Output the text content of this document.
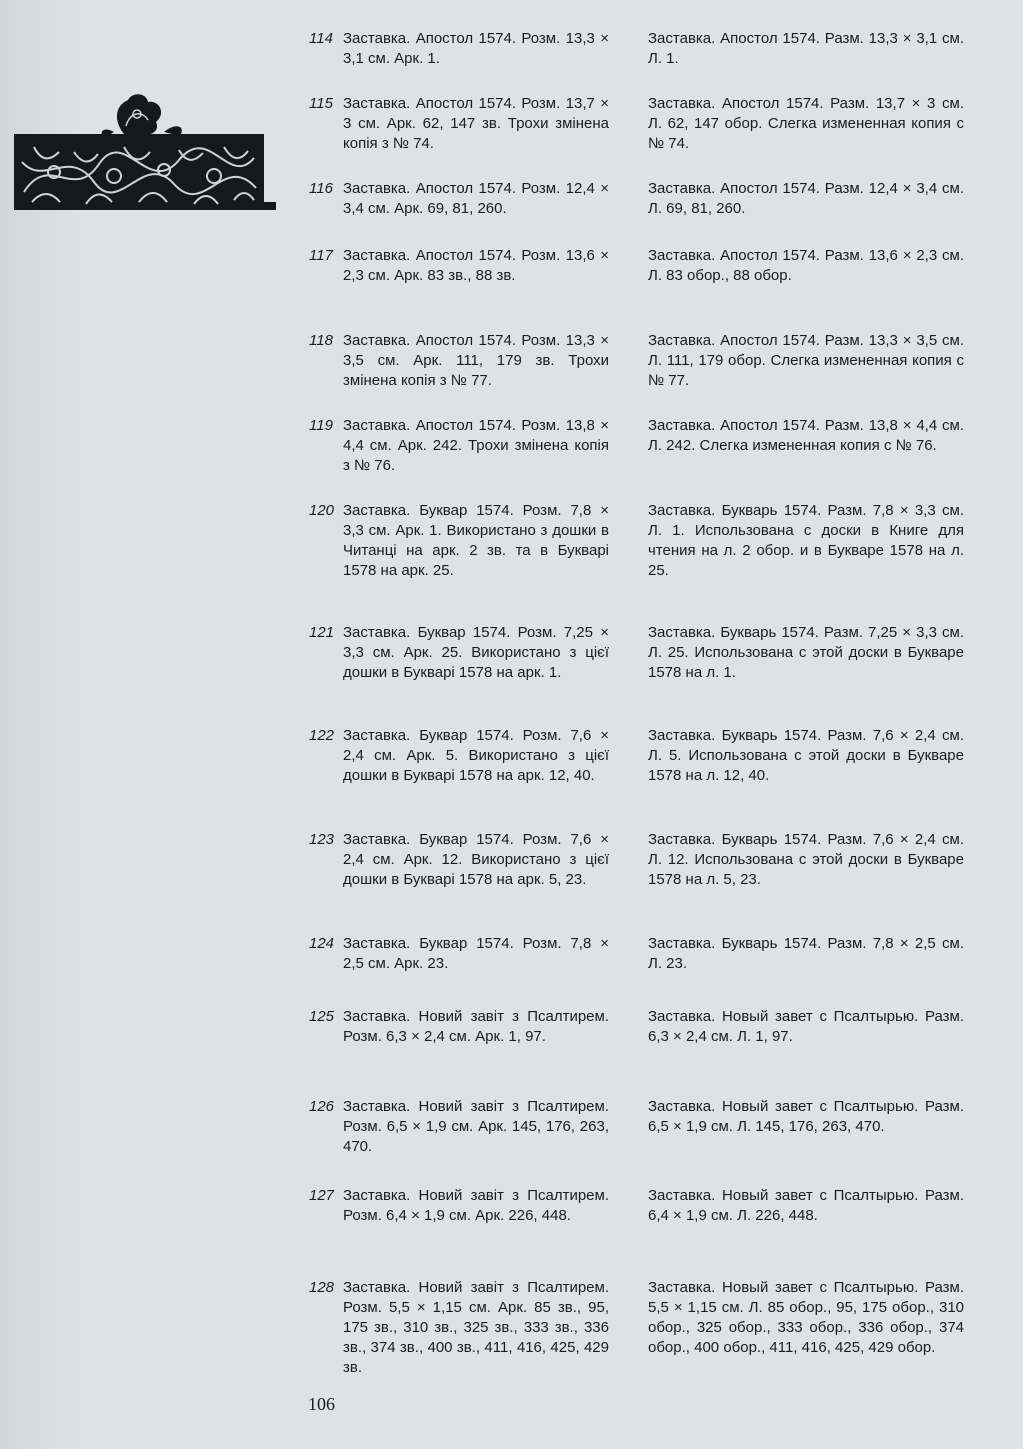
114 Заставка. Апостол 1574. Розм. 13,3 × 3,1 см. Арк. 1.
Заставка. Апостол 1574. Разм. 13,3 × 3,1 см. Л. 1.
115 Заставка. Апостол 1574. Розм. 13,7 × 3 см. Арк. 62, 147 зв. Трохи змінена копія з № 74.
Заставка. Апостол 1574. Разм. 13,7 × 3 см. Л. 62, 147 обор. Слегка измененная копия с № 74.
116 Заставка. Апостол 1574. Розм. 12,4 × 3,4 см. Арк. 69, 81, 260.
Заставка. Апостол 1574. Разм. 12,4 × 3,4 см. Л. 69, 81, 260.
117 Заставка. Апостол 1574. Розм. 13,6 × 2,3 см. Арк. 83 зв., 88 зв.
Заставка. Апостол 1574. Разм. 13,6 × 2,3 см. Л. 83 обор., 88 обор.
118 Заставка. Апостол 1574. Розм. 13,3 × 3,5 см. Арк. 111, 179 зв. Трохи змінена копія з № 77.
Заставка. Апостол 1574. Разм. 13,3 × 3,5 см. Л. 111, 179 обор. Слегка измененная копия с № 77.
119 Заставка. Апостол 1574. Розм. 13,8 × 4,4 см. Арк. 242. Трохи змінена копія з № 76.
Заставка. Апостол 1574. Разм. 13,8 × 4,4 см. Л. 242. Слегка измененная копия с № 76.
120 Заставка. Буквар 1574. Розм. 7,8 × 3,3 см. Арк. 1. Використано з дошки в Читанці на арк. 2 зв. та в Букварі 1578 на арк. 25.
Заставка. Букварь 1574. Разм. 7,8 × 3,3 см. Л. 1. Использована с доски в Книге для чтения на л. 2 обор. и в Букваре 1578 на л. 25.
121 Заставка. Буквар 1574. Розм. 7,25 × 3,3 см. Арк. 25. Використано з цієї дошки в Букварі 1578 на арк. 1.
Заставка. Букварь 1574. Разм. 7,25 × 3,3 см. Л. 25. Использована с этой доски в Букваре 1578 на л. 1.
122 Заставка. Буквар 1574. Розм. 7,6 × 2,4 см. Арк. 5. Використано з цієї дошки в Букварі 1578 на арк. 12, 40.
Заставка. Букварь 1574. Разм. 7,6 × 2,4 см. Л. 5. Использована с этой доски в Букваре 1578 на л. 12, 40.
123 Заставка. Буквар 1574. Розм. 7,6 × 2,4 см. Арк. 12. Використано з цієї дошки в Букварі 1578 на арк. 5, 23.
Заставка. Букварь 1574. Разм. 7,6 × 2,4 см. Л. 12. Использована с этой доски в Букваре 1578 на л. 5, 23.
124 Заставка. Буквар 1574. Розм. 7,8 × 2,5 см. Арк. 23.
Заставка. Букварь 1574. Разм. 7,8 × 2,5 см. Л. 23.
125 Заставка. Новий завіт з Псалтирем. Розм. 6,3 × 2,4 см. Арк. 1, 97.
Заставка. Новый завет с Псалтырью. Разм. 6,3 × 2,4 см. Л. 1, 97.
126 Заставка. Новий завіт з Псалтирем. Розм. 6,5 × 1,9 см. Арк. 145, 176, 263, 470.
Заставка. Новый завет с Псалтырью. Разм. 6,5 × 1,9 см. Л. 145, 176, 263, 470.
127 Заставка. Новий завіт з Псалтирем. Розм. 6,4 × 1,9 см. Арк. 226, 448.
Заставка. Новый завет с Псалтырью. Разм. 6,4 × 1,9 см. Л. 226, 448.
128 Заставка. Новий завіт з Псалтирем. Розм. 5,5 × 1,15 см. Арк. 85 зв., 95, 175 зв., 310 зв., 325 зв., 333 зв., 336 зв., 374 зв., 400 зв., 411, 416, 425, 429 зв.
Заставка. Новый завет с Псалтырью. Разм. 5,5 × 1,15 см. Л. 85 обор., 95, 175 обор., 310 обор., 325 обор., 333 обор., 336 обор., 374 обор., 400 обор., 411, 416, 425, 429 обор.
106
